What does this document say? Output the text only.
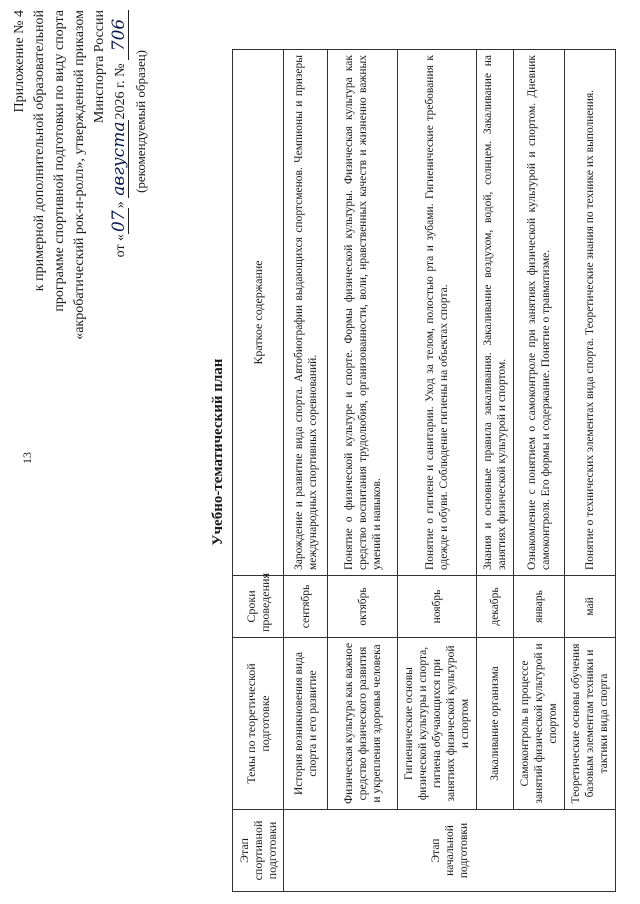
13
Приложение № 4 к примерной дополнительной образовательной программе спортивной подготовки по виду спорта «акробатический рок-н-ролл», утвержденной приказом Минспорта России
от «07» августа2026 г. № 706
(рекомендуемый образец)
Учебно-тематический план
Этап спортивной подготовки	Темы по теоретической подготовке	Сроки проведения	Краткое содержание
Этап начальной подготовки	История возникновения вида спорта и его развитие	сентябрь	Зарождение и развитие вида спорта. Автобиографии выдающихся спортсменов. Чемпионы и призеры международных спортивных соревнований.
	Физическая культура как важное средство физического развития и укрепления здоровья человека	октябрь	Понятие о физической культуре и спорте. Формы физической культуры. Физическая культура как средство воспитания трудолюбия, организованности, воли, нравственных качеств и жизненно важных умений и навыков.
	Гигиенические основы физической культуры и спорта, гигиена обучающихся при занятиях физической культурой и спортом	ноябрь	Понятие о гигиене и санитарии. Уход за телом, полостью рта и зубами. Гигиенические требования к одежде и обуви. Соблюдение гигиены на объектах спорта.
	Закаливание организма	декабрь	Знания и основные правила закаливания. Закаливание воздухом, водой, солнцем. Закаливание на занятиях физической культурой и спортом.
	Самоконтроль в процессе занятий физической культурой и спортом	январь	Ознакомление с понятием о самоконтроле при занятиях физической культурой и спортом. Дневник самоконтроля. Его формы и содержание. Понятие о травматизме.
	Теоретические основы обучения базовым элементам техники и тактики вида спорта	май	Понятие о технических элементах вида спорта. Теоретические знания по технике их выполнения.
